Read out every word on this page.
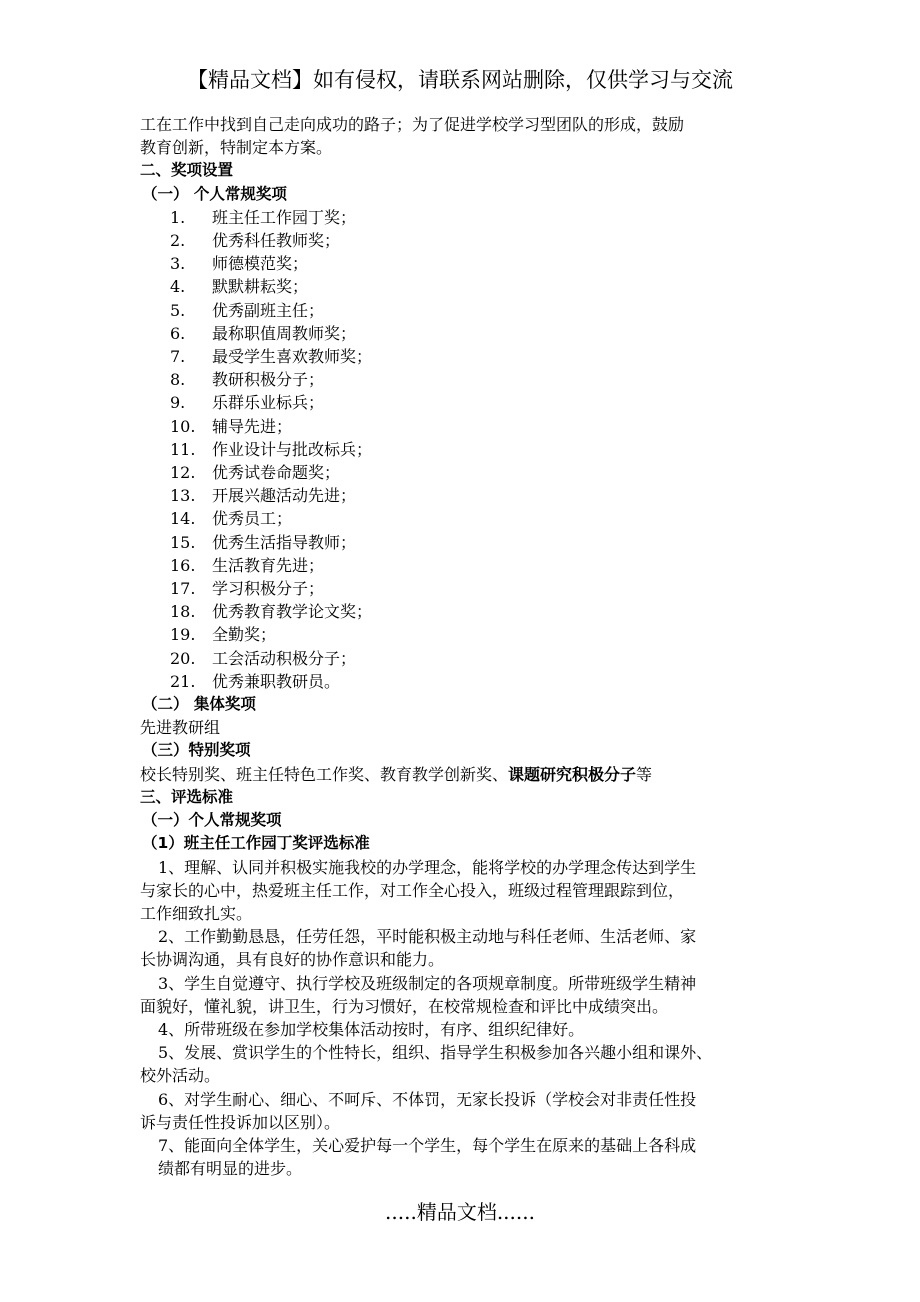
【精品文档】如有侵权，请联系网站删除，仅供学习与交流
工在工作中找到自己走向成功的路子；为了促进学校学习型团队的形成，鼓励
教育创新，特制定本方案。
二、奖项设置
（一） 个人常规奖项
1.	班主任工作园丁奖；
2.	优秀科任教师奖；
3.	师德模范奖；
4.	默默耕耘奖；
5.	优秀副班主任；
6.	最称职值周教师奖；
7.	最受学生喜欢教师奖；
8.	教研积极分子；
9.	乐群乐业标兵；
10.	辅导先进；
11.	作业设计与批改标兵；
12.	优秀试卷命题奖；
13.	开展兴趣活动先进；
14.	优秀员工；
15.	优秀生活指导教师；
16.	生活教育先进；
17.	学习积极分子；
18.	优秀教育教学论文奖；
19.	全勤奖；
20.	工会活动积极分子；
21.	优秀兼职教研员。
（二） 集体奖项
先进教研组
（三）特别奖项
校长特别奖、班主任特色工作奖、教育教学创新奖、课题研究积极分子等
三、评选标准
（一）个人常规奖项
（1）班主任工作园丁奖评选标准
1、理解、认同并积极实施我校的办学理念，能将学校的办学理念传达到学生
与家长的心中，热爱班主任工作，对工作全心投入，班级过程管理跟踪到位，
工作细致扎实。
2、工作勤勤恳恳，任劳任怨，平时能积极主动地与科任老师、生活老师、家
长协调沟通，具有良好的协作意识和能力。
3、学生自觉遵守、执行学校及班级制定的各项规章制度。所带班级学生精神
面貌好，懂礼貌，讲卫生，行为习惯好，在校常规检查和评比中成绩突出。
4、所带班级在参加学校集体活动按时，有序、组织纪律好。
5、发展、赏识学生的个性特长，组织、指导学生积极参加各兴趣小组和课外、
校外活动。
6、对学生耐心、细心、不呵斥、不体罚，无家长投诉（学校会对非责任性投
诉与责任性投诉加以区别）。
7、能面向全体学生，关心爱护每一个学生，每个学生在原来的基础上各科成
绩都有明显的进步。
.....精品文档......
